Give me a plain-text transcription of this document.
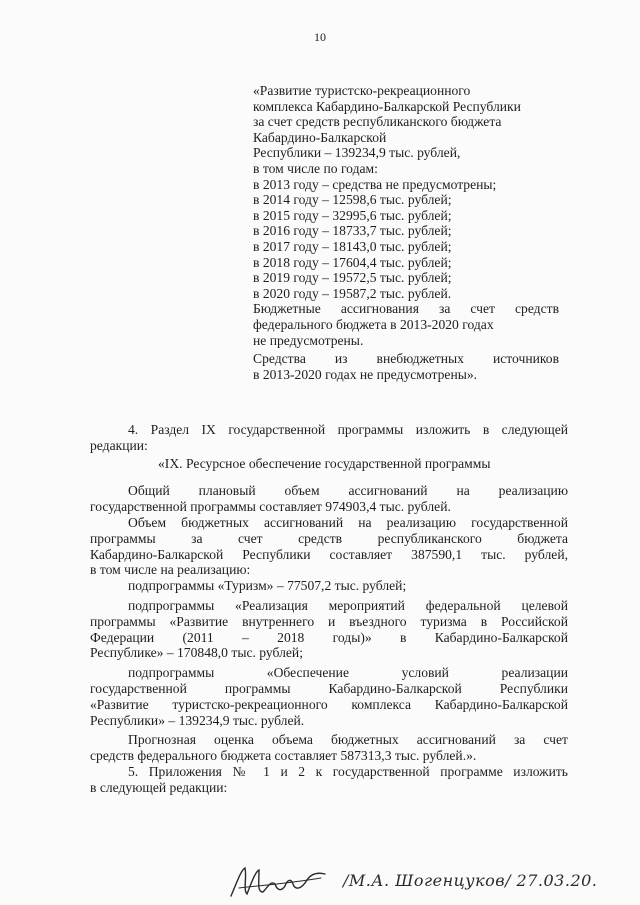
10
«Развитие туристско-рекреационного
комплекса Кабардино-Балкарской Республики
за счет средств республиканского бюджета
Кабардино-Балкарской
Республики – 139234,9 тыс. рублей,
в том числе по годам:
в 2013 году – средства не предусмотрены;
в 2014 году – 12598,6 тыс. рублей;
в 2015 году – 32995,6 тыс. рублей;
в 2016 году – 18733,7 тыс. рублей;
в 2017 году – 18143,0 тыс. рублей;
в 2018 году – 17604,4 тыс. рублей;
в 2019 году – 19572,5 тыс. рублей;
в 2020 году – 19587,2 тыс. рублей.
Бюджетные ассигнования за счет средств
федерального бюджета в 2013-2020 годах
не предусмотрены.
Средства из внебюджетных источников
в 2013-2020 годах не предусмотрены».
4. Раздел IX государственной программы изложить в следующей
редакции:
«IX. Ресурсное обеспечение государственной программы
Общий плановый объем ассигнований на реализацию
государственной программы составляет 974903,4 тыс. рублей.
Объем бюджетных ассигнований на реализацию государственной
программы за счет средств республиканского бюджета
Кабардино-Балкарской Республики составляет 387590,1 тыс. рублей,
в том числе на реализацию:
подпрограммы «Туризм» – 77507,2 тыс. рублей;
подпрограммы «Реализация мероприятий федеральной целевой
программы «Развитие внутреннего и въездного туризма в Российской
Федерации (2011 – 2018 годы)» в Кабардино-Балкарской
Республике» – 170848,0 тыс. рублей;
подпрограммы «Обеспечение условий реализации
государственной программы Кабардино-Балкарской Республики
«Развитие туристско-рекреационного комплекса Кабардино-Балкарской
Республики» – 139234,9 тыс. рублей.
Прогнозная оценка объема бюджетных ассигнований за счет
средств федерального бюджета составляет 587313,3 тыс. рублей.».
5. Приложения № 1 и 2 к государственной программе изложить
в следующей редакции:
/М.А. Шогенцуков/ 27.03.20.
